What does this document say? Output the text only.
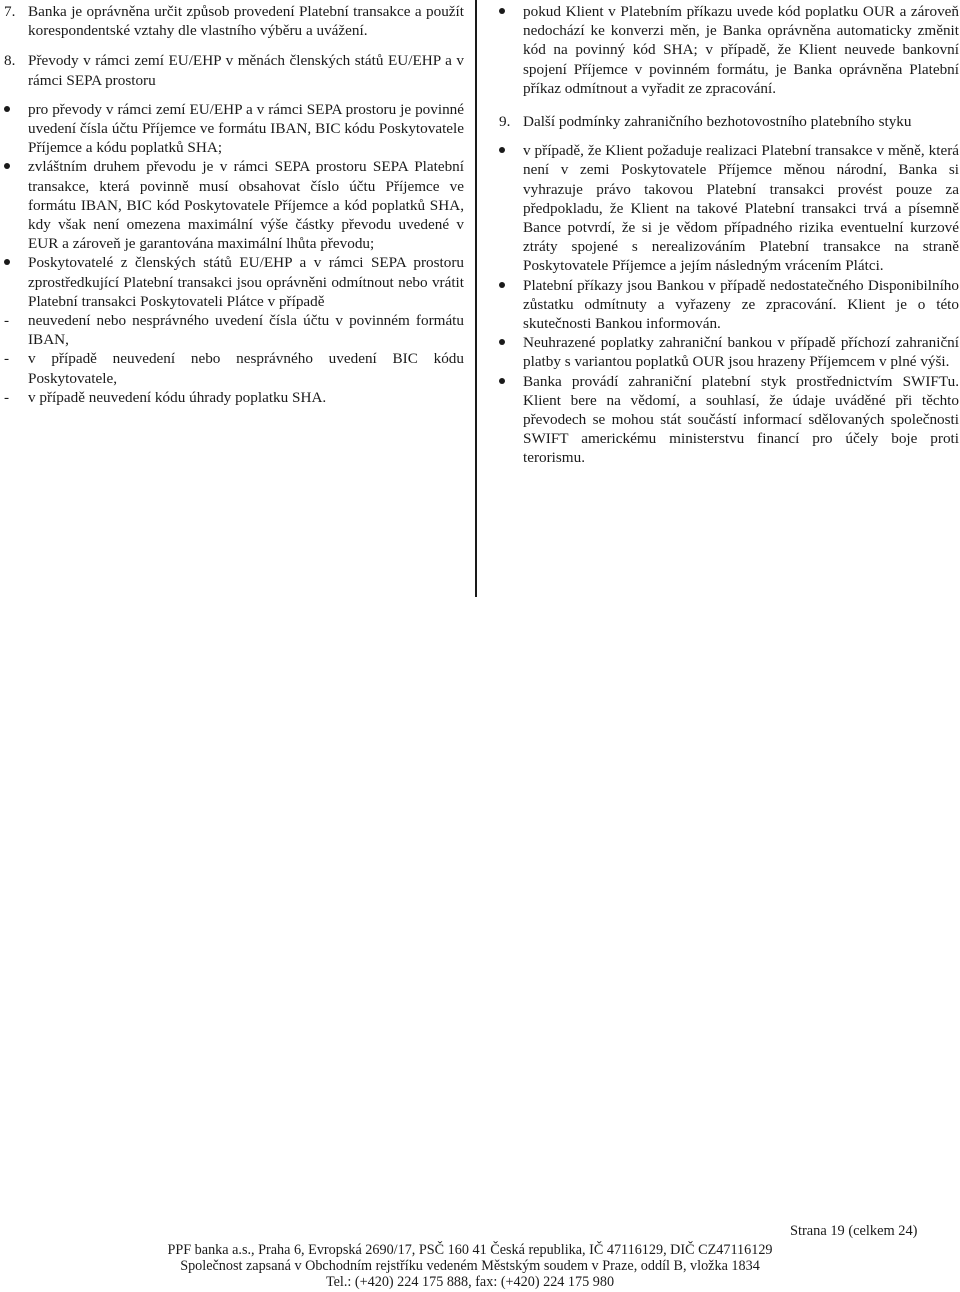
7. Banka je oprávněna určit způsob provedení Platební transakce a použít korespondentské vztahy dle vlastního výběru a uvážení.

8. Převody v rámci zemí EU/EHP v měnách členských států EU/EHP a v rámci SEPA prostoru

pro převody v rámci zemí EU/EHP a v rámci SEPA prostoru je povinné uvedení čísla účtu Příjemce ve formátu IBAN, BIC kódu Poskytovatele Příjemce a kódu poplatků SHA;
zvláštním druhem převodu je v rámci SEPA prostoru SEPA Platební transakce, která povinně musí obsahovat číslo účtu Příjemce ve formátu IBAN, BIC kód Poskytovatele Příjemce a kód poplatků SHA, kdy však není omezena maximální výše částky převodu uvedené v EUR a zároveň je garantována maximální lhůta převodu;
Poskytovatelé z členských států EU/EHP a v rámci SEPA prostoru zprostředkující Platební transakci jsou oprávněni odmítnout nebo vrátit Platební transakci Poskytovateli Plátce v případě
- neuvedení nebo nesprávného uvedení čísla účtu v povinném formátu IBAN,
- v případě neuvedení nebo nesprávného uvedení BIC kódu Poskytovatele,
- v případě neuvedení kódu úhrady poplatku SHA.
pokud Klient v Platebním příkazu uvede kód poplatku OUR a zároveň nedochází ke konverzi měn, je Banka oprávněna automaticky změnit kód na povinný kód SHA; v případě, že Klient neuvede bankovní spojení Příjemce v povinném formátu, je Banka oprávněna Platební příkaz odmítnout a vyřadit ze zpracování.
9. Další podmínky zahraničního bezhotovostního platebního styku

v případě, že Klient požaduje realizaci Platební transakce v měně, která není v zemi Poskytovatele Příjemce měnou národní, Banka si vyhrazuje právo takovou Platební transakci provést pouze za předpokladu, že Klient na takové Platební transakci trvá a písemně Bance potvrdí, že si je vědom případného rizika eventuelní kurzové ztráty spojené s nerealizováním Platební transakce na straně Poskytovatele Příjemce a jejím následným vrácením Plátci.
Platební příkazy jsou Bankou v případě nedostatečného Disponibilního zůstatku odmítnuty a vyřazeny ze zpracování. Klient je o této skutečnosti Bankou informován.
Neuhrazené poplatky zahraniční bankou v případě příchozí zahraniční platby s variantou poplatků OUR jsou hrazeny Příjemcem v plné výši.
Banka provádí zahraniční platební styk prostřednictvím SWIFTu. Klient bere na vědomí, a souhlasí, že údaje uváděné při těchto převodech se mohou stát součástí informací sdělovaných společnosti SWIFT americkému ministerstvu financí pro účely boje proti terorismu.
Strana 19 (celkem 24)
PPF banka a.s., Praha 6, Evropská 2690/17, PSČ 160 41 Česká republika, IČ 47116129, DIČ CZ47116129
Společnost zapsaná v Obchodním rejstříku vedeném Městským soudem v Praze, oddíl B, vložka 1834
Tel.: (+420) 224 175 888, fax: (+420) 224 175 980
